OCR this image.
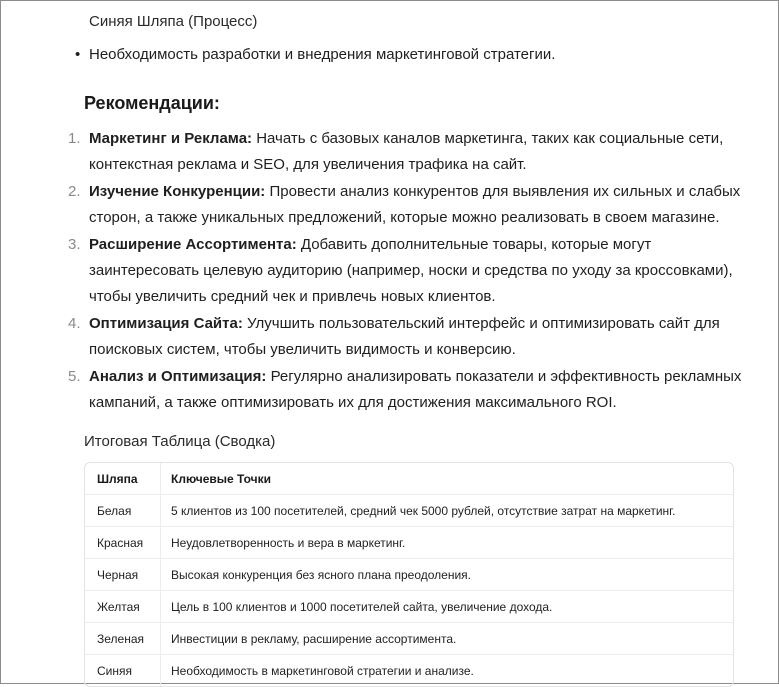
Синяя Шляпа (Процесс)
• Необходимость разработки и внедрения маркетинговой стратегии.
Рекомендации:
1. Маркетинг и Реклама: Начать с базовых каналов маркетинга, таких как социальные сети, контекстная реклама и SEO, для увеличения трафика на сайт.
2. Изучение Конкуренции: Провести анализ конкурентов для выявления их сильных и слабых сторон, а также уникальных предложений, которые можно реализовать в своем магазине.
3. Расширение Ассортимента: Добавить дополнительные товары, которые могут заинтересовать целевую аудиторию (например, носки и средства по уходу за кроссовками), чтобы увеличить средний чек и привлечь новых клиентов.
4. Оптимизация Сайта: Улучшить пользовательский интерфейс и оптимизировать сайт для поисковых систем, чтобы увеличить видимость и конверсию.
5. Анализ и Оптимизация: Регулярно анализировать показатели и эффективность рекламных кампаний, а также оптимизировать их для достижения максимального ROI.
Итоговая Таблица (Сводка)
Шляпа	Ключевые Точки
Белая	5 клиентов из 100 посетителей, средний чек 5000 рублей, отсутствие затрат на маркетинг.
Красная	Неудовлетворенность и вера в маркетинг.
Черная	Высокая конкуренция без ясного плана преодоления.
Желтая	Цель в 100 клиентов и 1000 посетителей сайта, увеличение дохода.
Зеленая	Инвестиции в рекламу, расширение ассортимента.
Синяя	Необходимость в маркетинговой стратегии и анализе.
